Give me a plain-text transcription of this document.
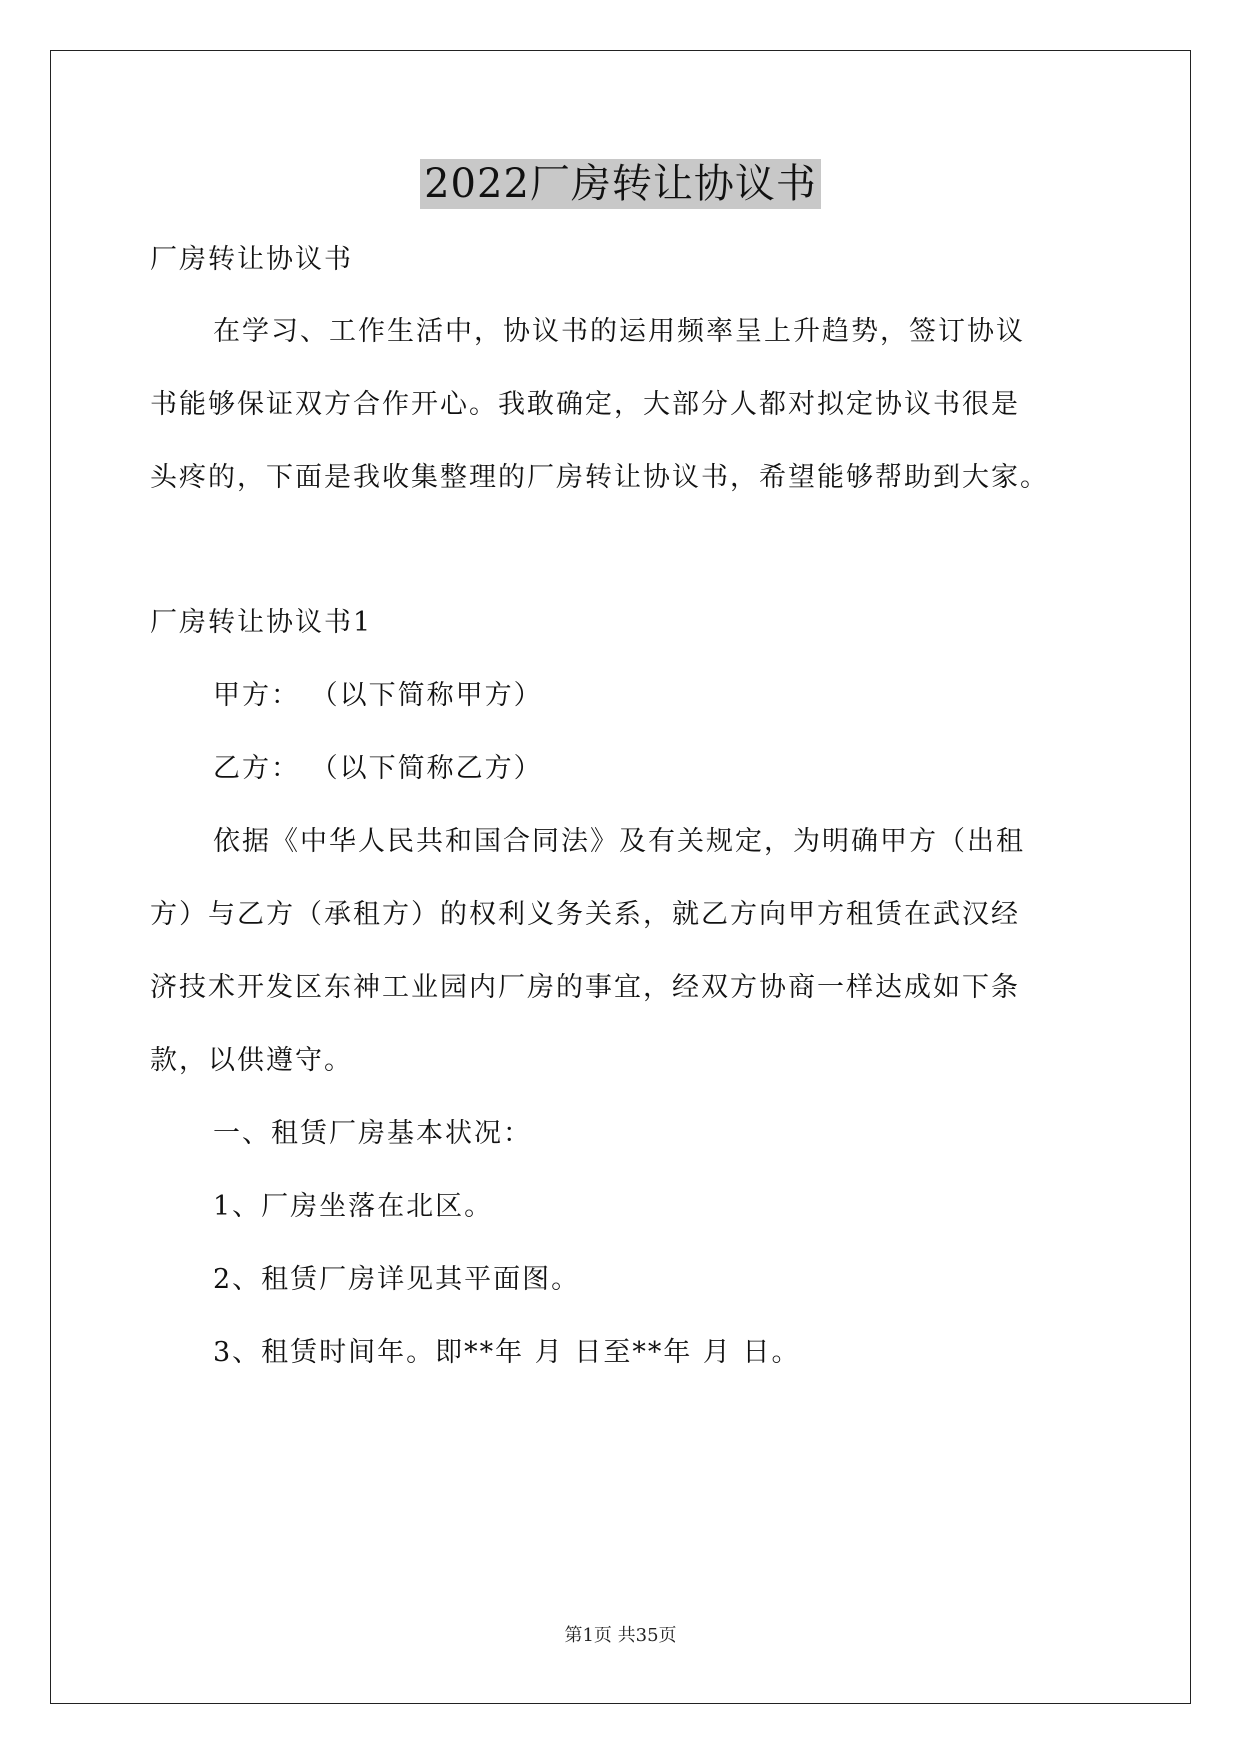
2022厂房转让协议书
厂房转让协议书
在学习、工作生活中，协议书的运用频率呈上升趋势，签订协议
书能够保证双方合作开心。我敢确定，大部分人都对拟定协议书很是
头疼的，下面是我收集整理的厂房转让协议书，希望能够帮助到大家。
厂房转让协议书1
甲方： （以下简称甲方）
乙方： （以下简称乙方）
依据《中华人民共和国合同法》及有关规定，为明确甲方（出租
方）与乙方（承租方）的权利义务关系，就乙方向甲方租赁在武汉经
济技术开发区东神工业园内厂房的事宜，经双方协商一样达成如下条
款，以供遵守。
一、租赁厂房基本状况：
1、厂房坐落在北区。
2、租赁厂房详见其平面图。
3、租赁时间年。即**年 月 日至**年 月 日。
第1页 共35页
